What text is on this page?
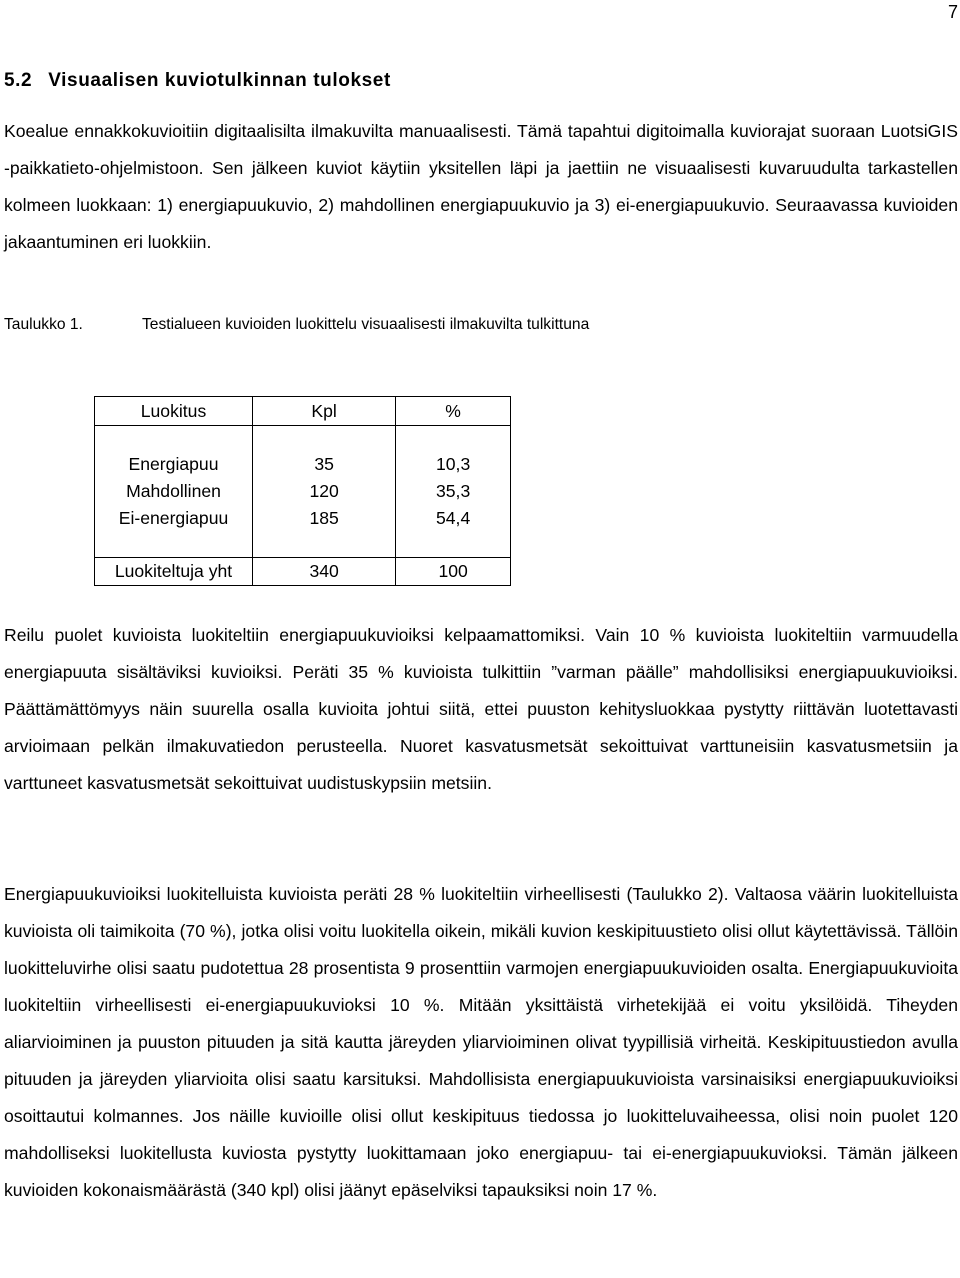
7
5.2 Visuaalisen kuviotulkinnan tulokset

Koealue ennakkokuvioitiin digitaalisilta ilmakuvilta manuaalisesti. Tämä tapahtui digitoimalla kuviorajat suoraan LuotsiGIS -paikkatieto-ohjelmistoon. Sen jälkeen kuviot käytiin yksitellen läpi ja jaettiin ne visuaalisesti kuvaruudulta tarkastellen kolmeen luokkaan: 1) energiapuukuvio, 2) mahdollinen energiapuukuvio ja 3) ei-energiapuukuvio. Seuraavassa kuvioiden jakaantuminen eri luokkiin.

Taulukko 1.	Testialueen kuvioiden luokittelu visuaalisesti ilmakuvilta tulkittuna
Luokitus	Kpl	%

Energiapuu	35	10,3
Mahdollinen	120	35,3
Ei-energiapuu	185	54,4

Luokiteltuja yht	340	100

Reilu puolet kuvioista luokiteltiin energiapuukuvioiksi kelpaamattomiksi. Vain 10 % kuvioista luokiteltiin varmuudella energiapuuta sisältäviksi kuvioiksi. Peräti 35 % kuvioista tulkittiin ”varman päälle” mahdollisiksi energiapuukuvioiksi. Päättämättömyys näin suurella osalla kuvioita johtui siitä, ettei puuston kehitysluokkaa pystytty riittävän luotettavasti arvioimaan pelkän ilmakuvatiedon perusteella. Nuoret kasvatusmetsät sekoittuivat varttuneisiin kasvatusmetsiin ja varttuneet kasvatusmetsät sekoittuivat uudistuskypsiin metsiin.

Energiapuukuvioiksi luokitelluista kuvioista peräti 28 % luokiteltiin virheellisesti (Taulukko 2). Valtaosa väärin luokitelluista kuvioista oli taimikoita (70 %), jotka olisi voitu luokitella oikein, mikäli kuvion keskipituustieto olisi ollut käytettävissä. Tällöin luokitteluvirhe olisi saatu pudotettua 28 prosentista 9 prosenttiin varmojen energiapuukuvioiden osalta. Energiapuukuvioita luokiteltiin virheellisesti ei-energiapuukuvioksi 10 %. Mitään yksittäistä virhetekijää ei voitu yksilöidä. Tiheyden aliarvioiminen ja puuston pituuden ja sitä kautta järeyden yliarvioiminen olivat tyypillisiä virheitä. Keskipituustiedon avulla pituuden ja järeyden yliarvioita olisi saatu karsituksi. Mahdollisista energiapuukuvioista varsinaisiksi energiapuukuvioiksi osoittautui kolmannes. Jos näille kuvioille olisi ollut keskipituus tiedossa jo luokitteluvaiheessa, olisi noin puolet 120 mahdolliseksi luokitellusta kuviosta pystytty luokittamaan joko energiapuu- tai ei-energiapuukuvioksi. Tämän jälkeen kuvioiden kokonaismäärästä (340 kpl) olisi jäänyt epäselviksi tapauksiksi noin 17 %.
